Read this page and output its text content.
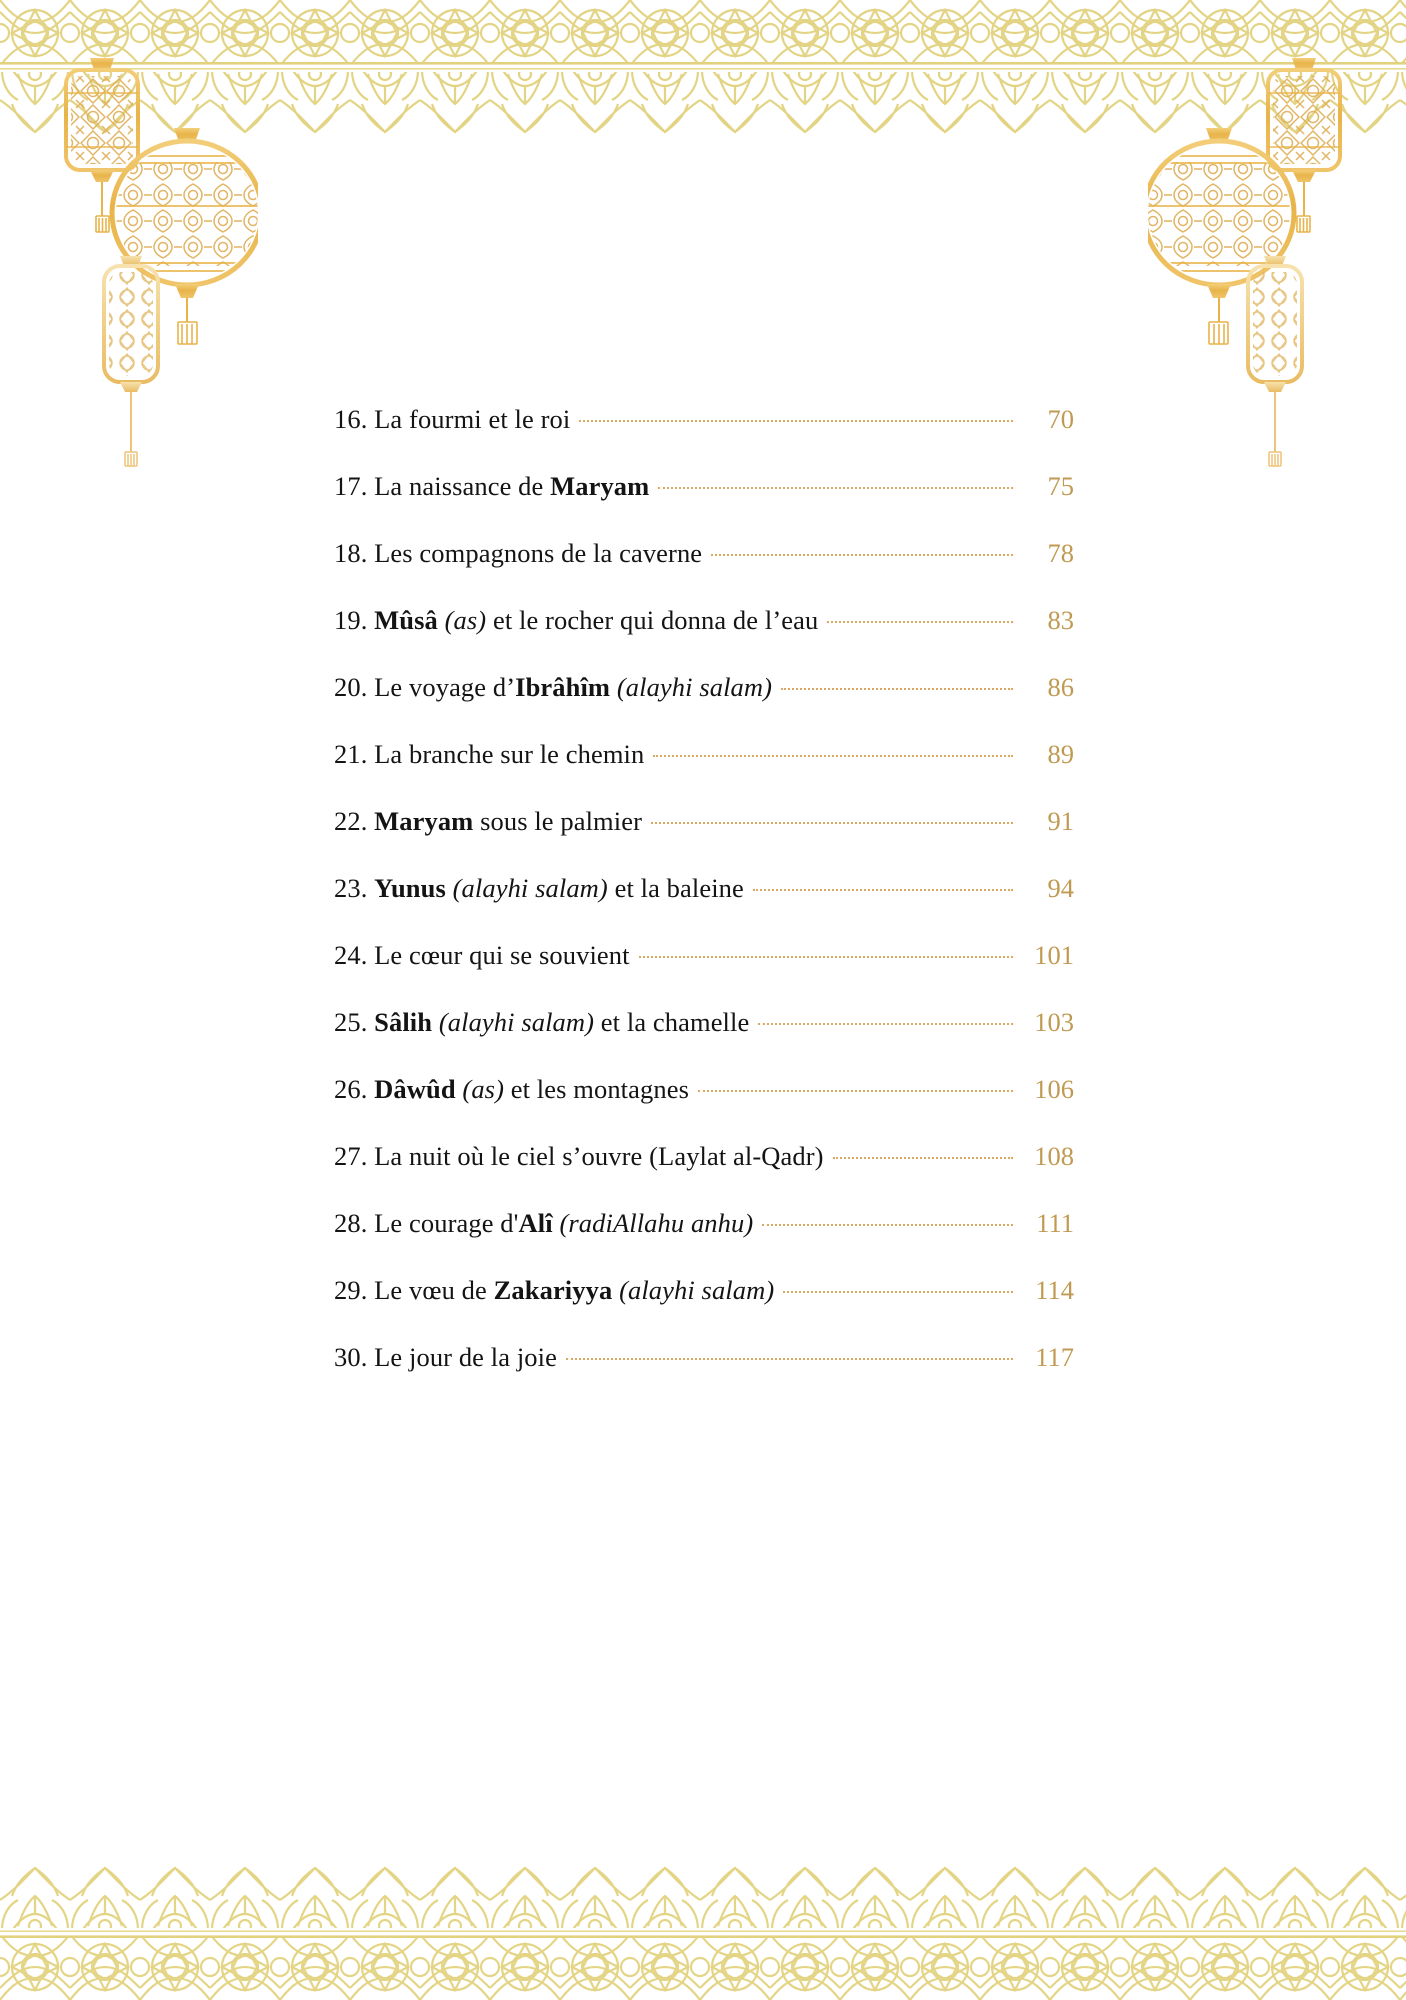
16. La fourmi et le roi	70
17. La naissance de Maryam	75
18. Les compagnons de la caverne	78
19. Mûsâ (as) et le rocher qui donna de l’eau	83
20. Le voyage d’Ibrâhîm (alayhi salam)	86
21. La branche sur le chemin	89
22. Maryam sous le palmier	91
23. Yunus (alayhi salam) et la baleine	94
24. Le cœur qui se souvient	101
25. Sâlih (alayhi salam) et la chamelle	103
26. Dâwûd (as) et les montagnes	106
27. La nuit où le ciel s’ouvre (Laylat al-Qadr)	108
28. Le courage d'Alî (radiAllahu anhu)	111
29. Le vœu de Zakariyya (alayhi salam)	114
30. Le jour de la joie	117
